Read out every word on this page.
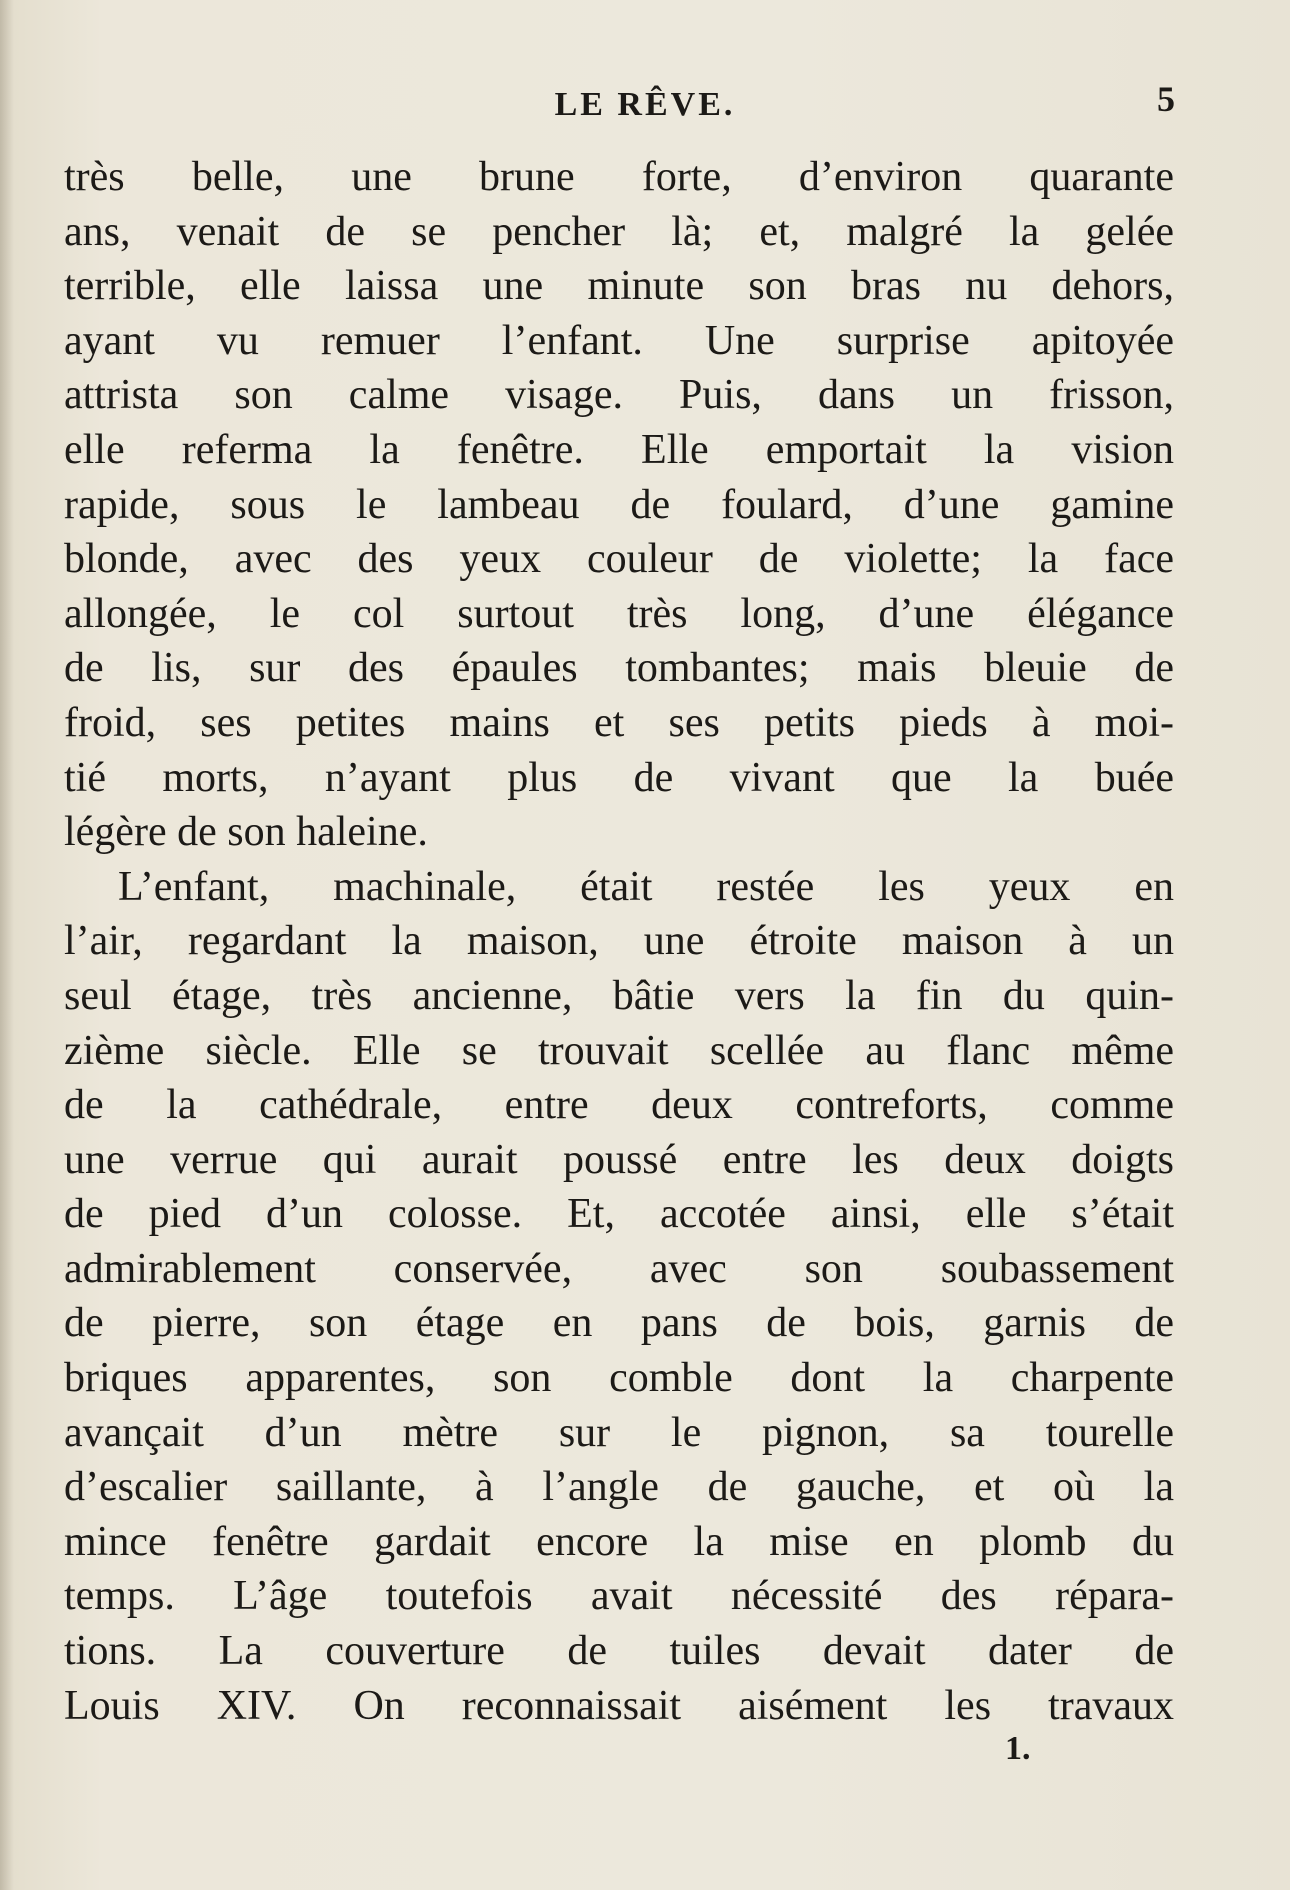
LE RÊVE.	5
très belle, une brune forte, d’environ quarante
ans, venait de se pencher là; et, malgré la gelée
terrible, elle laissa une minute son bras nu dehors,
ayant vu remuer l’enfant. Une surprise apitoyée
attrista son calme visage. Puis, dans un frisson,
elle referma la fenêtre. Elle emportait la vision
rapide, sous le lambeau de foulard, d’une gamine
blonde, avec des yeux couleur de violette; la face
allongée, le col surtout très long, d’une élégance
de lis, sur des épaules tombantes; mais bleuie de
froid, ses petites mains et ses petits pieds à moi-
tié morts, n’ayant plus de vivant que la buée
légère de son haleine.
L’enfant, machinale, était restée les yeux en
l’air, regardant la maison, une étroite maison à un
seul étage, très ancienne, bâtie vers la fin du quin-
zième siècle. Elle se trouvait scellée au flanc même
de la cathédrale, entre deux contreforts, comme
une verrue qui aurait poussé entre les deux doigts
de pied d’un colosse. Et, accotée ainsi, elle s’était
admirablement conservée, avec son soubassement
de pierre, son étage en pans de bois, garnis de
briques apparentes, son comble dont la charpente
avançait d’un mètre sur le pignon, sa tourelle
d’escalier saillante, à l’angle de gauche, et où la
mince fenêtre gardait encore la mise en plomb du
temps. L’âge toutefois avait nécessité des répara-
tions. La couverture de tuiles devait dater de
Louis XIV. On reconnaissait aisément les travaux
1.
